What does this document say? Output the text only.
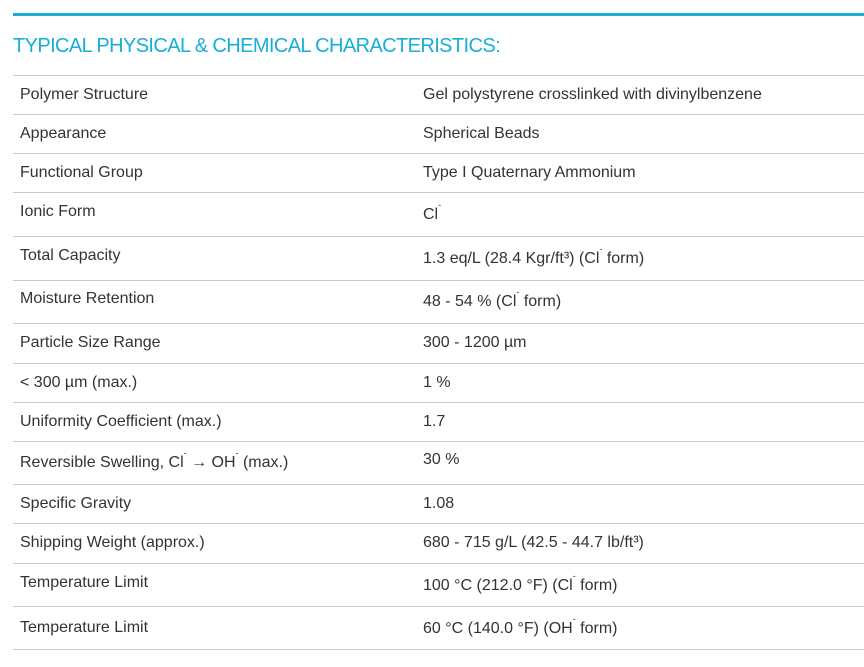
TYPICAL PHYSICAL & CHEMICAL CHARACTERISTICS:
Polymer Structure	Gel polystyrene crosslinked with divinylbenzene
Appearance	Spherical Beads
Functional Group	Type I Quaternary Ammonium
Ionic Form	Cl-
Total Capacity	1.3 eq/L (28.4 Kgr/ft³) (Cl- form)
Moisture Retention	48 - 54 % (Cl- form)
Particle Size Range	300 - 1200 µm
< 300 µm (max.)	1 %
Uniformity Coefficient (max.)	1.7
Reversible Swelling, Cl- → OH- (max.)	30 %
Specific Gravity	1.08
Shipping Weight (approx.)	680 - 715 g/L (42.5 - 44.7 lb/ft³)
Temperature Limit	100 °C (212.0 °F) (Cl- form)
Temperature Limit	60 °C (140.0 °F) (OH- form)
